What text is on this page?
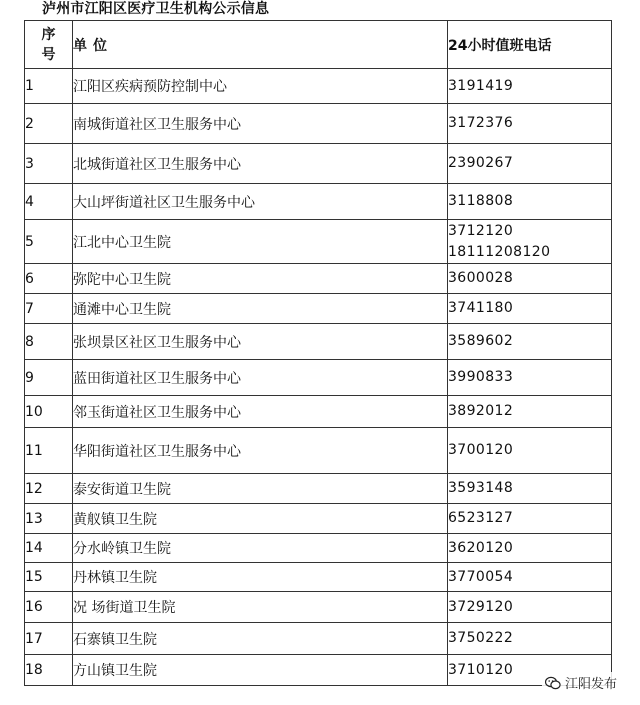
泸州市江阳区医疗卫生机构公示信息
序
号	单位	24小时值班电话
1	江阳区疾病预防控制中心	3191419

2	南城街道社区卫生服务中心	3172376

3	北城街道社区卫生服务中心	2390267

4	大山坪街道社区卫生服务中心	3118808

5	江北中心卫生院	3712120
18111208120

6	弥陀中心卫生院	3600028

7	通滩中心卫生院	3741180

8	张坝景区社区卫生服务中心	3589602

9	蓝田街道社区卫生服务中心	3990833

10	邻玉街道社区卫生服务中心	3892012

11	华阳街道社区卫生服务中心	3700120

12	泰安街道卫生院	3593148

13	黄舣镇卫生院	6523127

14	分水岭镇卫生院	3620120

15	丹林镇卫生院	3770054

16	况 场街道卫生院	3729120

17	石寨镇卫生院	3750222

18	方山镇卫生院	3710120
江阳发布
